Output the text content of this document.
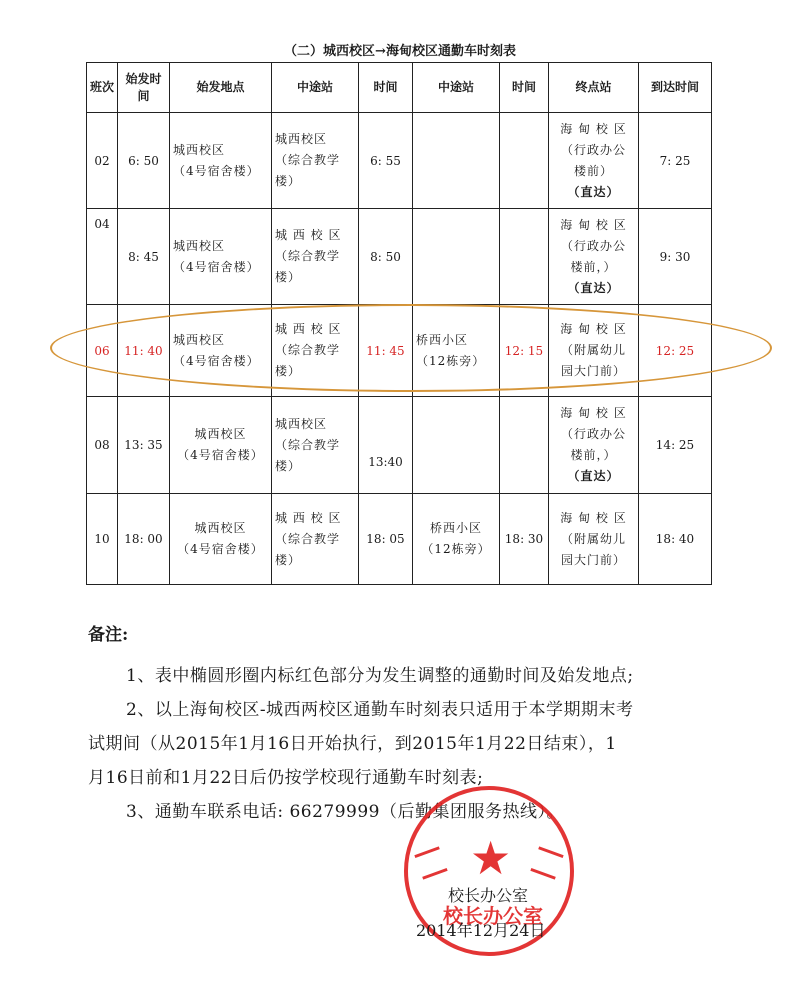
（二）城西校区→海甸校区通勤车时刻表
班次	始发时间	始发地点	中途站	时间	中途站	时间	终点站	到达时间
02	6: 50	城西校区
（4号宿舍楼）	城西校区
（综合教学
楼）	6: 55			海 甸 校 区
（行政办公
楼前）
（直达）	7: 25
04	8: 45	城西校区
（4号宿舍楼）	城 西 校 区
（综合教学
楼）	8: 50			海 甸 校 区
（行政办公
楼前，）
（直达）	9: 30
06	11: 40	城西校区
（4号宿舍楼）	城 西 校 区
（综合教学
楼）	11: 45	桥西小区
（12栋旁）	12: 15	海 甸 校 区
（附属幼儿
园大门前）	12: 25
08	13: 35	城西校区
（4号宿舍楼）	城西校区
（综合教学
楼）	13:40			海 甸 校 区
（行政办公
楼前，）
（直达）	14: 25
10	18: 00	城西校区
（4号宿舍楼）	城 西 校 区
（综合教学
楼）	18: 05	桥西小区
（12栋旁）	18: 30	海 甸 校 区
（附属幼儿
园大门前）	18: 40
备注:
1、表中椭圆形圈内标红色部分为发生调整的通勤时间及始发地点;
2、以上海甸校区-城西两校区通勤车时刻表只适用于本学期期末考
试期间（从2015年1月16日开始执行，到2015年1月22日结束），1
月16日前和1月22日后仍按学校现行通勤车时刻表;
3、通勤车联系电话: 66279999（后勤集团服务热线）。
★
校长办公室
校长办公室
2014年12月24日
